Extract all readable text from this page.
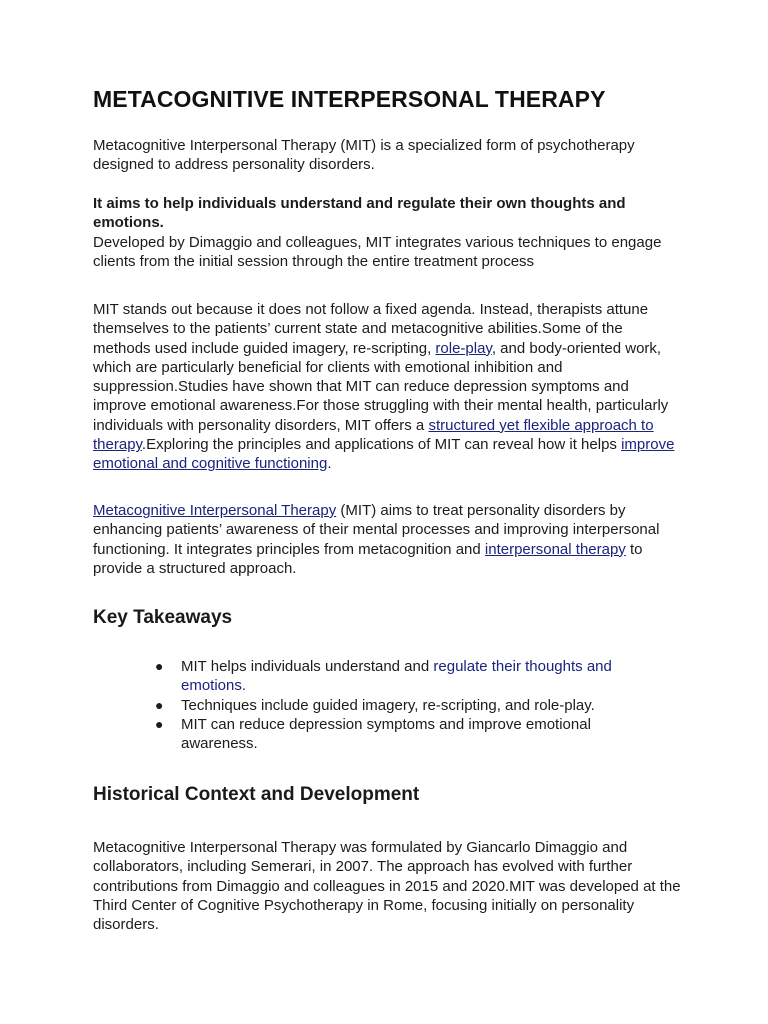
METACOGNITIVE INTERPERSONAL THERAPY
Metacognitive Interpersonal Therapy (MIT) is a specialized form of psychotherapy designed to address personality disorders.
It aims to help individuals understand and regulate their own thoughts and emotions.
Developed by Dimaggio and colleagues, MIT integrates various techniques to engage clients from the initial session through the entire treatment process
MIT stands out because it does not follow a fixed agenda. Instead, therapists attune themselves to the patients’ current state and metacognitive abilities.Some of the methods used include guided imagery, re-scripting, role-play, and body-oriented work, which are particularly beneficial for clients with emotional inhibition and suppression.Studies have shown that MIT can reduce depression symptoms and improve emotional awareness.For those struggling with their mental health, particularly individuals with personality disorders, MIT offers a structured yet flexible approach to therapy.Exploring the principles and applications of MIT can reveal how it helps improve emotional and cognitive functioning.
Metacognitive Interpersonal Therapy (MIT) aims to treat personality disorders by enhancing patients’ awareness of their mental processes and improving interpersonal functioning. It integrates principles from metacognition and interpersonal therapy to provide a structured approach.
Key Takeaways
● MIT helps individuals understand and regulate their thoughts and emotions.
● Techniques include guided imagery, re-scripting, and role-play.
● MIT can reduce depression symptoms and improve emotional awareness.
Historical Context and Development
Metacognitive Interpersonal Therapy was formulated by Giancarlo Dimaggio and collaborators, including Semerari, in 2007. The approach has evolved with further contributions from Dimaggio and colleagues in 2015 and 2020.MIT was developed at the Third Center of Cognitive Psychotherapy in Rome, focusing initially on personality disorders.
